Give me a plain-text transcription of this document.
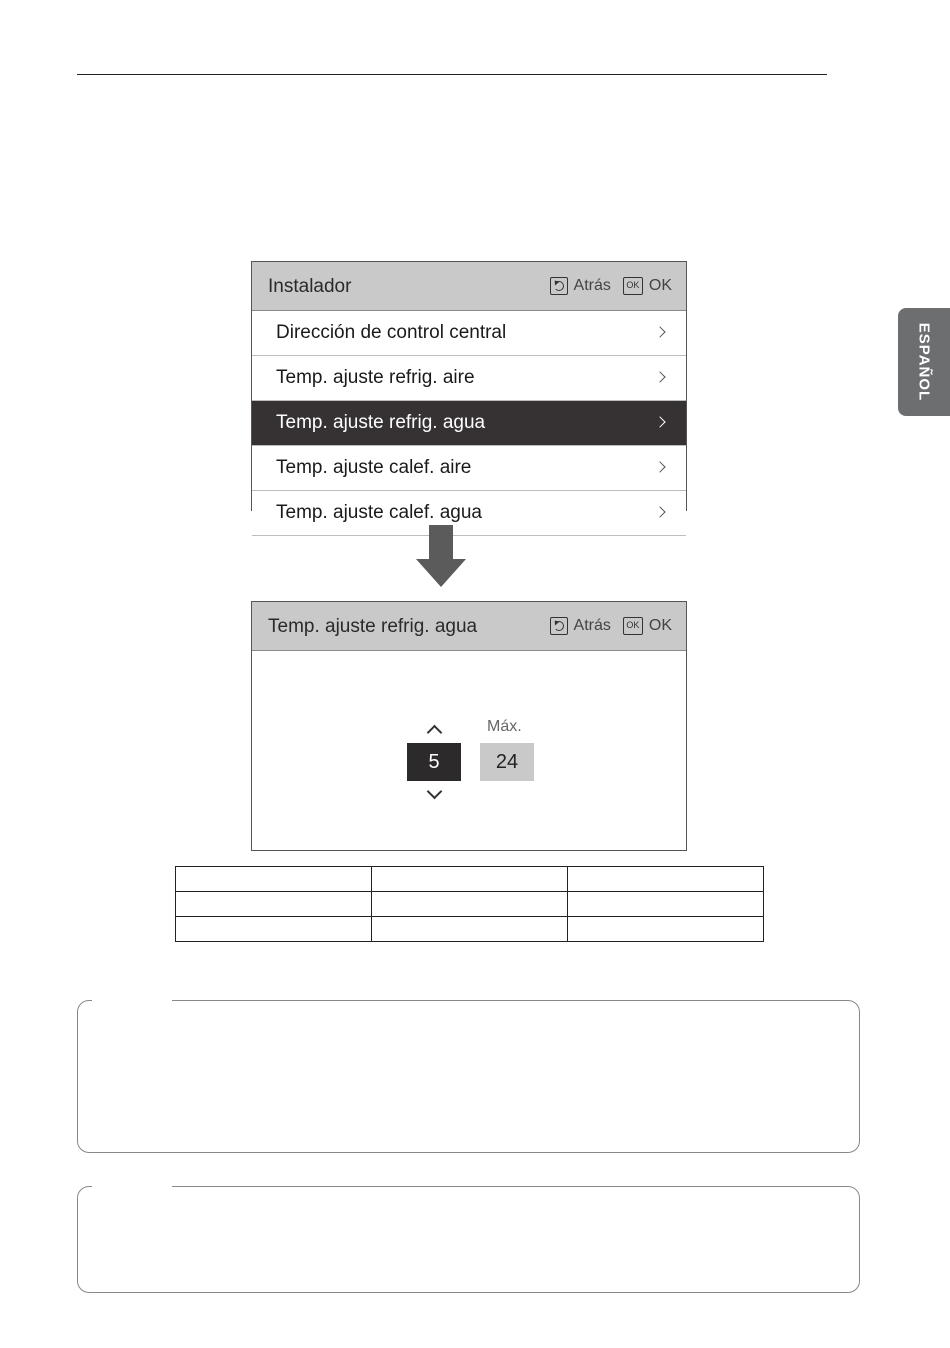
ESPAÑOL
Instalador	Atrás	OK OK
Dirección de control central
Temp. ajuste refrig. aire
Temp. ajuste refrig. agua
Temp. ajuste calef. aire
Temp. ajuste calef. agua
Temp. ajuste refrig. agua	Atrás	OK OK
5
Máx.
24
